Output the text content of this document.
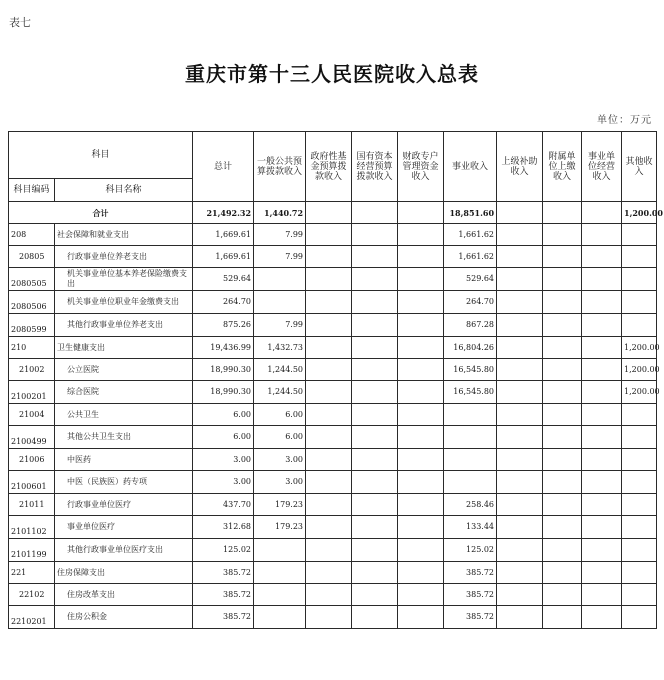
表七
重庆市第十三人民医院收入总表
单位：万元
科目		总计	一般公共预算拨款收入	政府性基金预算拨款收入	国有资本经营预算拨款收入	财政专户管理资金收入	事业收入	上级补助收入	附属单位上缴收入	事业单位经营收入	其他收入
科目编码	科目名称										
合计		21,492.32	1,440.72				18,851.60				1,200.00
208	社会保障和就业支出	1,669.61	7.99				1,661.62				
20805	行政事业单位养老支出	1,669.61	7.99				1,661.62				
2080505	机关事业单位基本养老保险缴费支出	529.64					529.64				
2080506	机关事业单位职业年金缴费支出	264.70					264.70				
2080599	其他行政事业单位养老支出	875.26	7.99				867.28				
210	卫生健康支出	19,436.99	1,432.73				16,804.26				1,200.00
21002	公立医院	18,990.30	1,244.50				16,545.80				1,200.00
2100201	综合医院	18,990.30	1,244.50				16,545.80				1,200.00
21004	公共卫生	6.00	6.00								
2100499	其他公共卫生支出	6.00	6.00								
21006	中医药	3.00	3.00								
2100601	中医（民族医）药专项	3.00	3.00								
21011	行政事业单位医疗	437.70	179.23				258.46				
2101102	事业单位医疗	312.68	179.23				133.44				
2101199	其他行政事业单位医疗支出	125.02					125.02				
221	住房保障支出	385.72					385.72				
22102	住房改革支出	385.72					385.72				
2210201	住房公积金	385.72					385.72				
